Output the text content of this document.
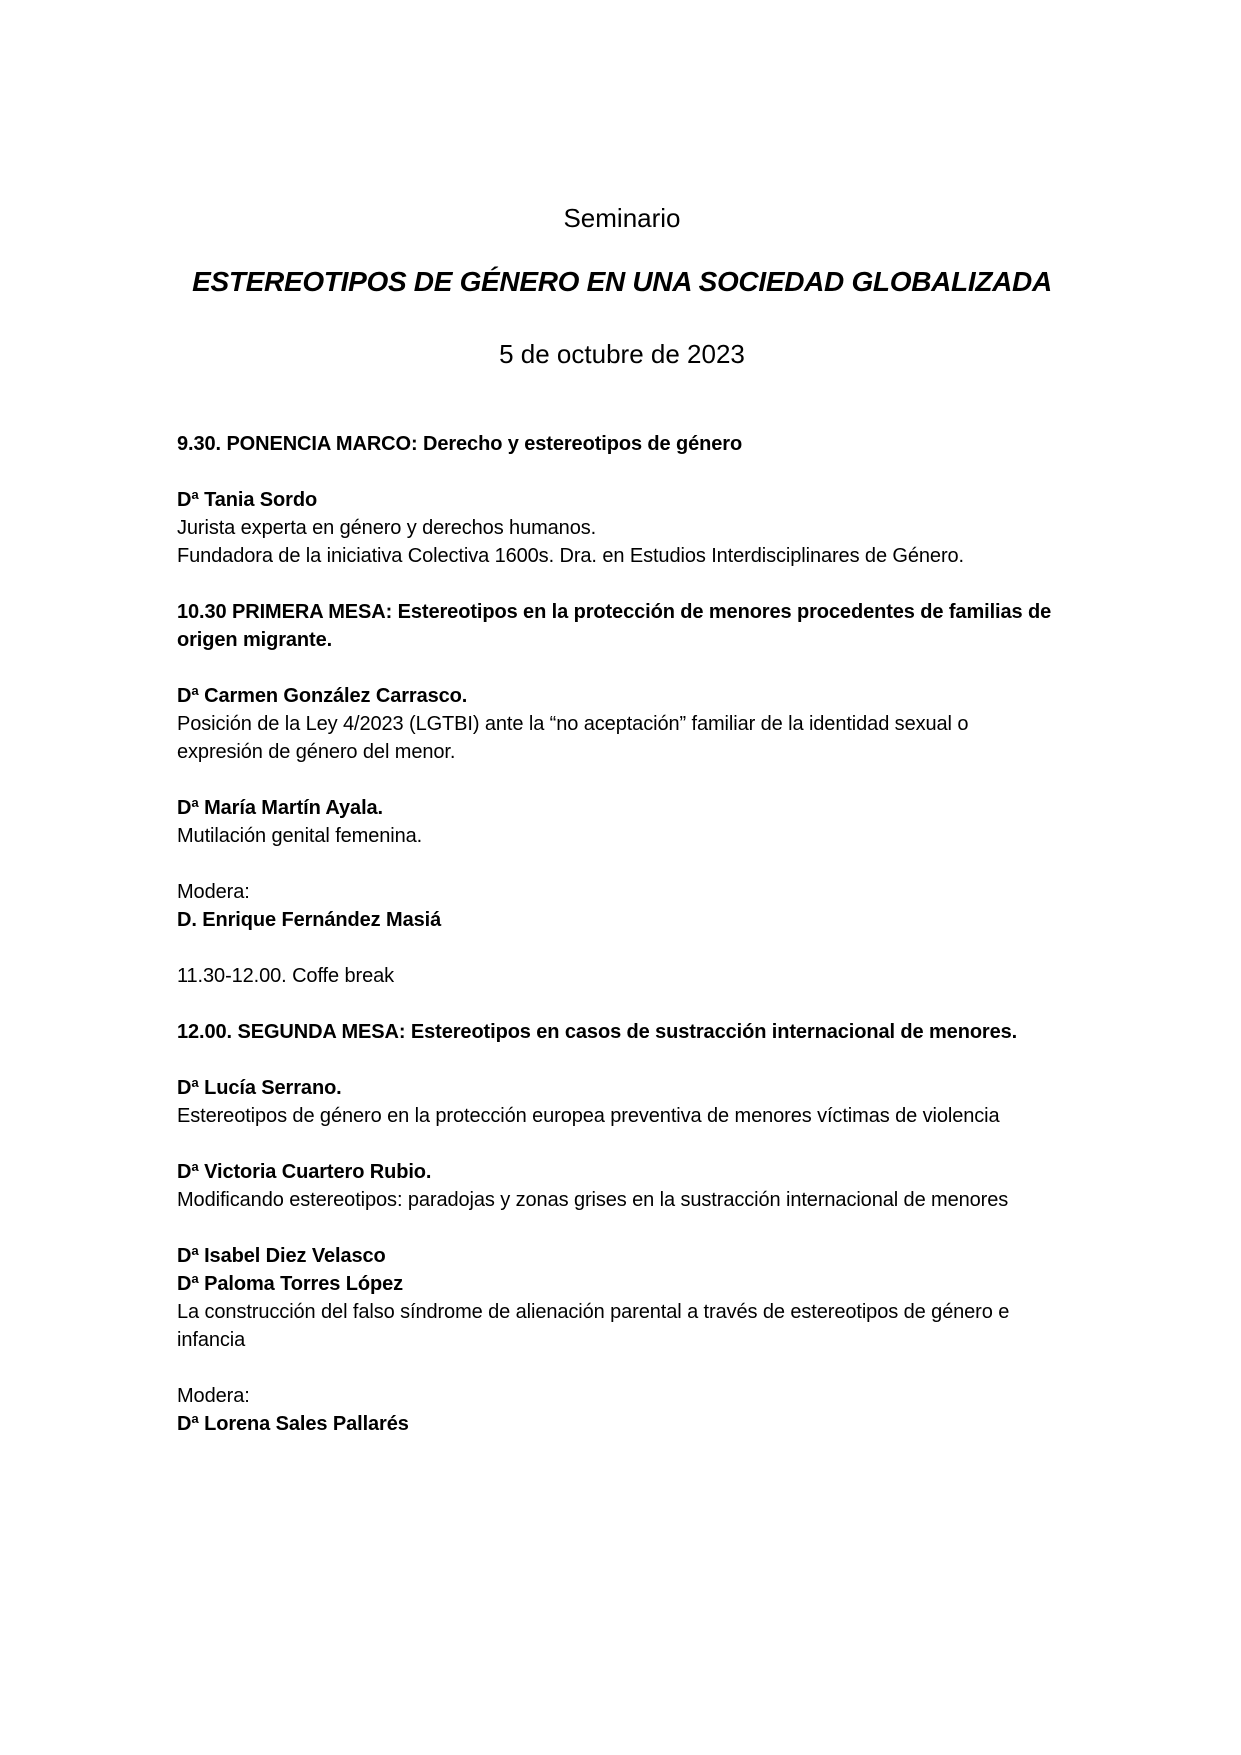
Seminario

ESTEREOTIPOS DE GÉNERO EN UNA SOCIEDAD GLOBALIZADA

5 de octubre de 2023

9.30. PONENCIA MARCO: Derecho y estereotipos de género

Dª Tania Sordo

Jurista experta en género y derechos humanos.

Fundadora de la iniciativa Colectiva 1600s. Dra. en Estudios Interdisciplinares de Género.

10.30 PRIMERA MESA: Estereotipos en la protección de menores procedentes de familias de

origen migrante.

Dª Carmen González Carrasco.

Posición de la Ley 4/2023 (LGTBI) ante la “no aceptación” familiar de la identidad sexual o

expresión de género del menor.

Dª María Martín Ayala.

Mutilación genital femenina.

Modera:

D. Enrique Fernández Masiá

11.30-12.00. Coffe break

12.00. SEGUNDA MESA: Estereotipos en casos de sustracción internacional de menores.

Dª Lucía Serrano.

Estereotipos de género en la protección europea preventiva de menores víctimas de violencia

Dª Victoria Cuartero Rubio.

Modificando estereotipos: paradojas y zonas grises en la sustracción internacional de menores

Dª Isabel Diez Velasco

Dª Paloma Torres López

La construcción del falso síndrome de alienación parental a través de estereotipos de género e

infancia

Modera:

Dª Lorena Sales Pallarés
